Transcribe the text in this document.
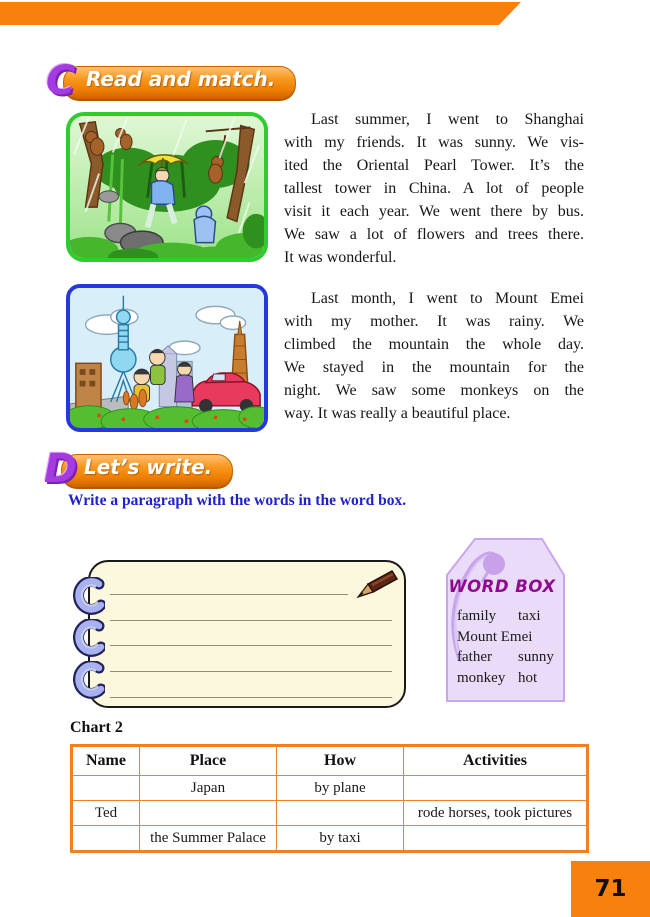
C Read and match.
Last summer, I went to Shanghai
with my friends. It was sunny. We vis-
ited the Oriental Pearl Tower. It’s the
tallest tower in China. A lot of people
visit it each year. We went there by bus.
We saw a lot of flowers and trees there.
It was wonderful.
Last month, I went to Mount Emei
with my mother. It was rainy. We
climbed the mountain the whole day.
We stayed in the mountain for the
night. We saw some monkeys on the
way. It was really a beautiful place.
D Let’s write.
Write a paragraph with the words in the word box.
WORD BOX
family taxi
Mount Emei
father sunny
monkey hot
Chart 2
Name	Place	How	Activities
	Japan	by plane	
Ted			rode horses, took pictures
	the Summer Palace	by taxi	
71
